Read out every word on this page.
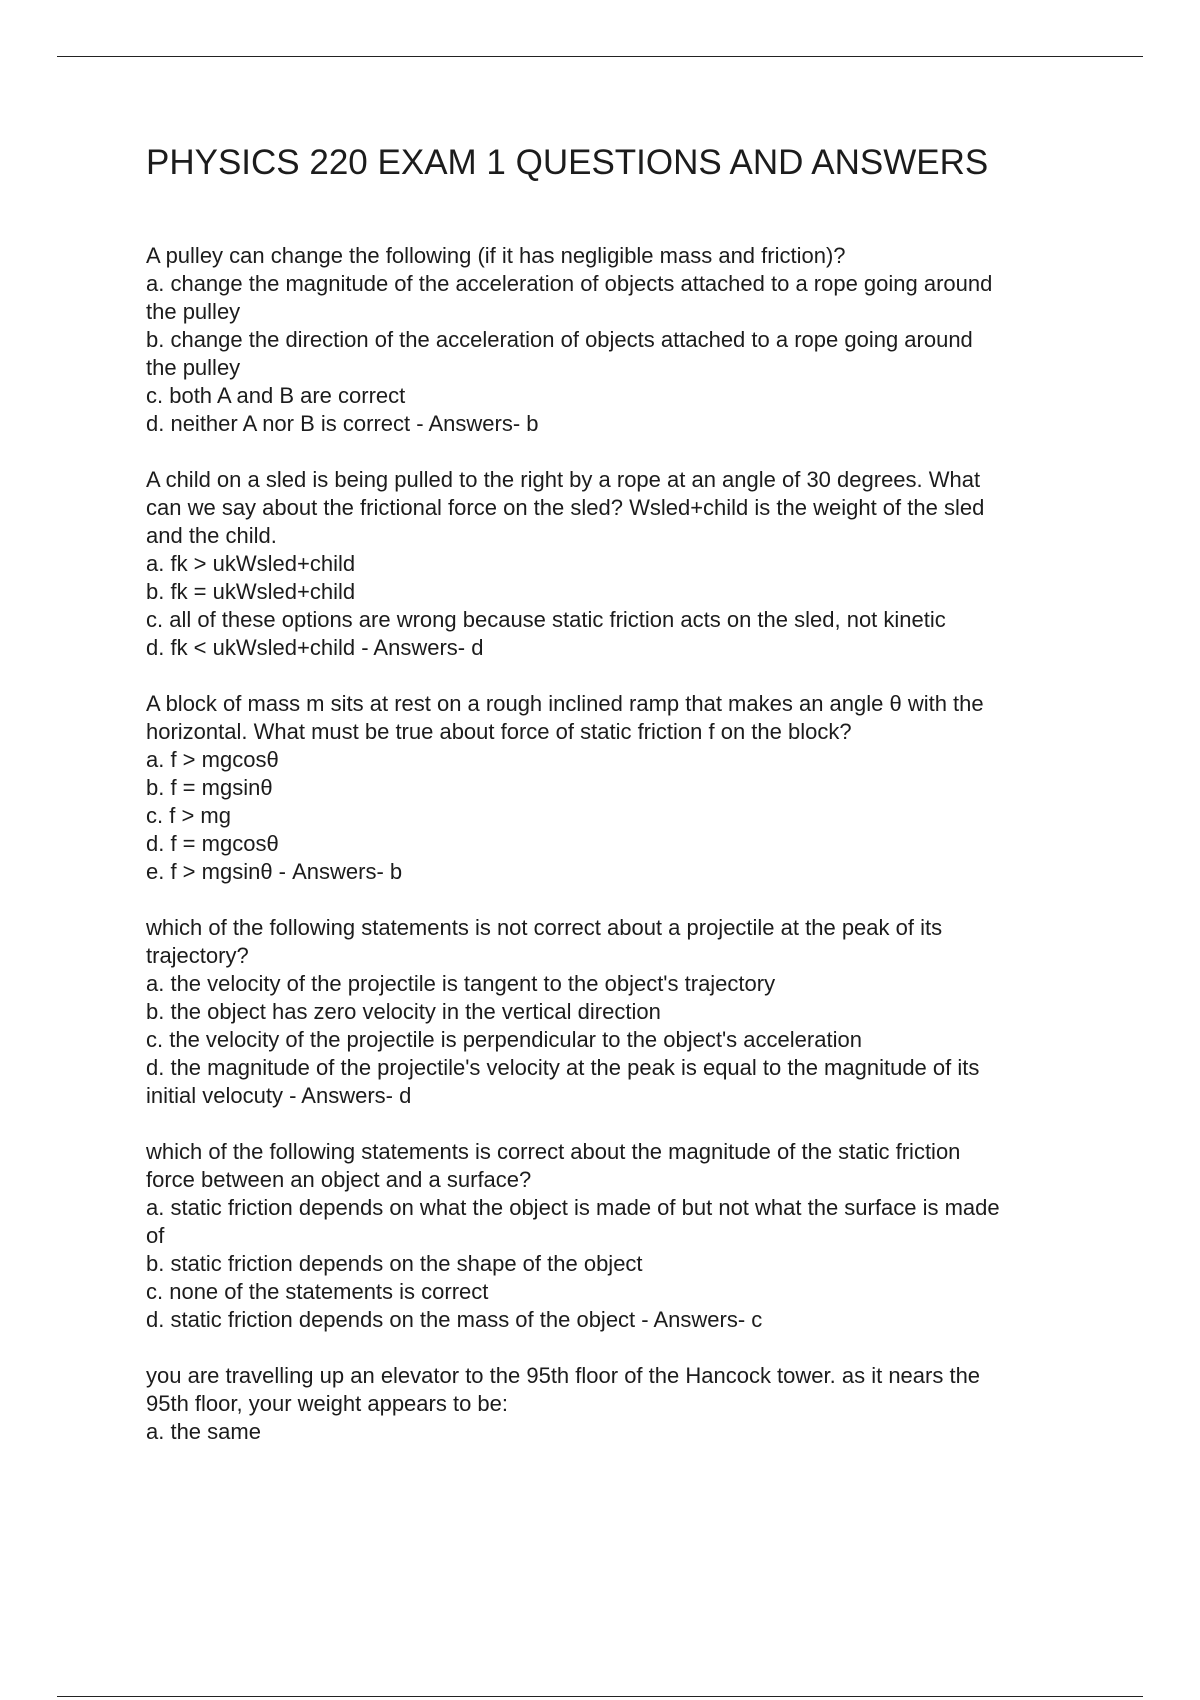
PHYSICS 220 EXAM 1 QUESTIONS AND ANSWERS
A pulley can change the following (if it has negligible mass and friction)?
a. change the magnitude of the acceleration of objects attached to a rope going around
the pulley
b. change the direction of the acceleration of objects attached to a rope going around
the pulley
c. both A and B are correct
d. neither A nor B is correct - Answers- b
A child on a sled is being pulled to the right by a rope at an angle of 30 degrees. What
can we say about the frictional force on the sled? Wsled+child is the weight of the sled
and the child.
a. fk > ukWsled+child
b. fk = ukWsled+child
c. all of these options are wrong because static friction acts on the sled, not kinetic
d. fk < ukWsled+child - Answers- d
A block of mass m sits at rest on a rough inclined ramp that makes an angle θ with the
horizontal. What must be true about force of static friction f on the block?
a. f > mgcosθ
b. f = mgsinθ
c. f > mg
d. f = mgcosθ
e. f > mgsinθ - Answers- b
which of the following statements is not correct about a projectile at the peak of its
trajectory?
a. the velocity of the projectile is tangent to the object's trajectory
b. the object has zero velocity in the vertical direction
c. the velocity of the projectile is perpendicular to the object's acceleration
d. the magnitude of the projectile's velocity at the peak is equal to the magnitude of its
initial velocuty - Answers- d
which of the following statements is correct about the magnitude of the static friction
force between an object and a surface?
a. static friction depends on what the object is made of but not what the surface is made
of
b. static friction depends on the shape of the object
c. none of the statements is correct
d. static friction depends on the mass of the object - Answers- c
you are travelling up an elevator to the 95th floor of the Hancock tower. as it nears the
95th floor, your weight appears to be:
a. the same
